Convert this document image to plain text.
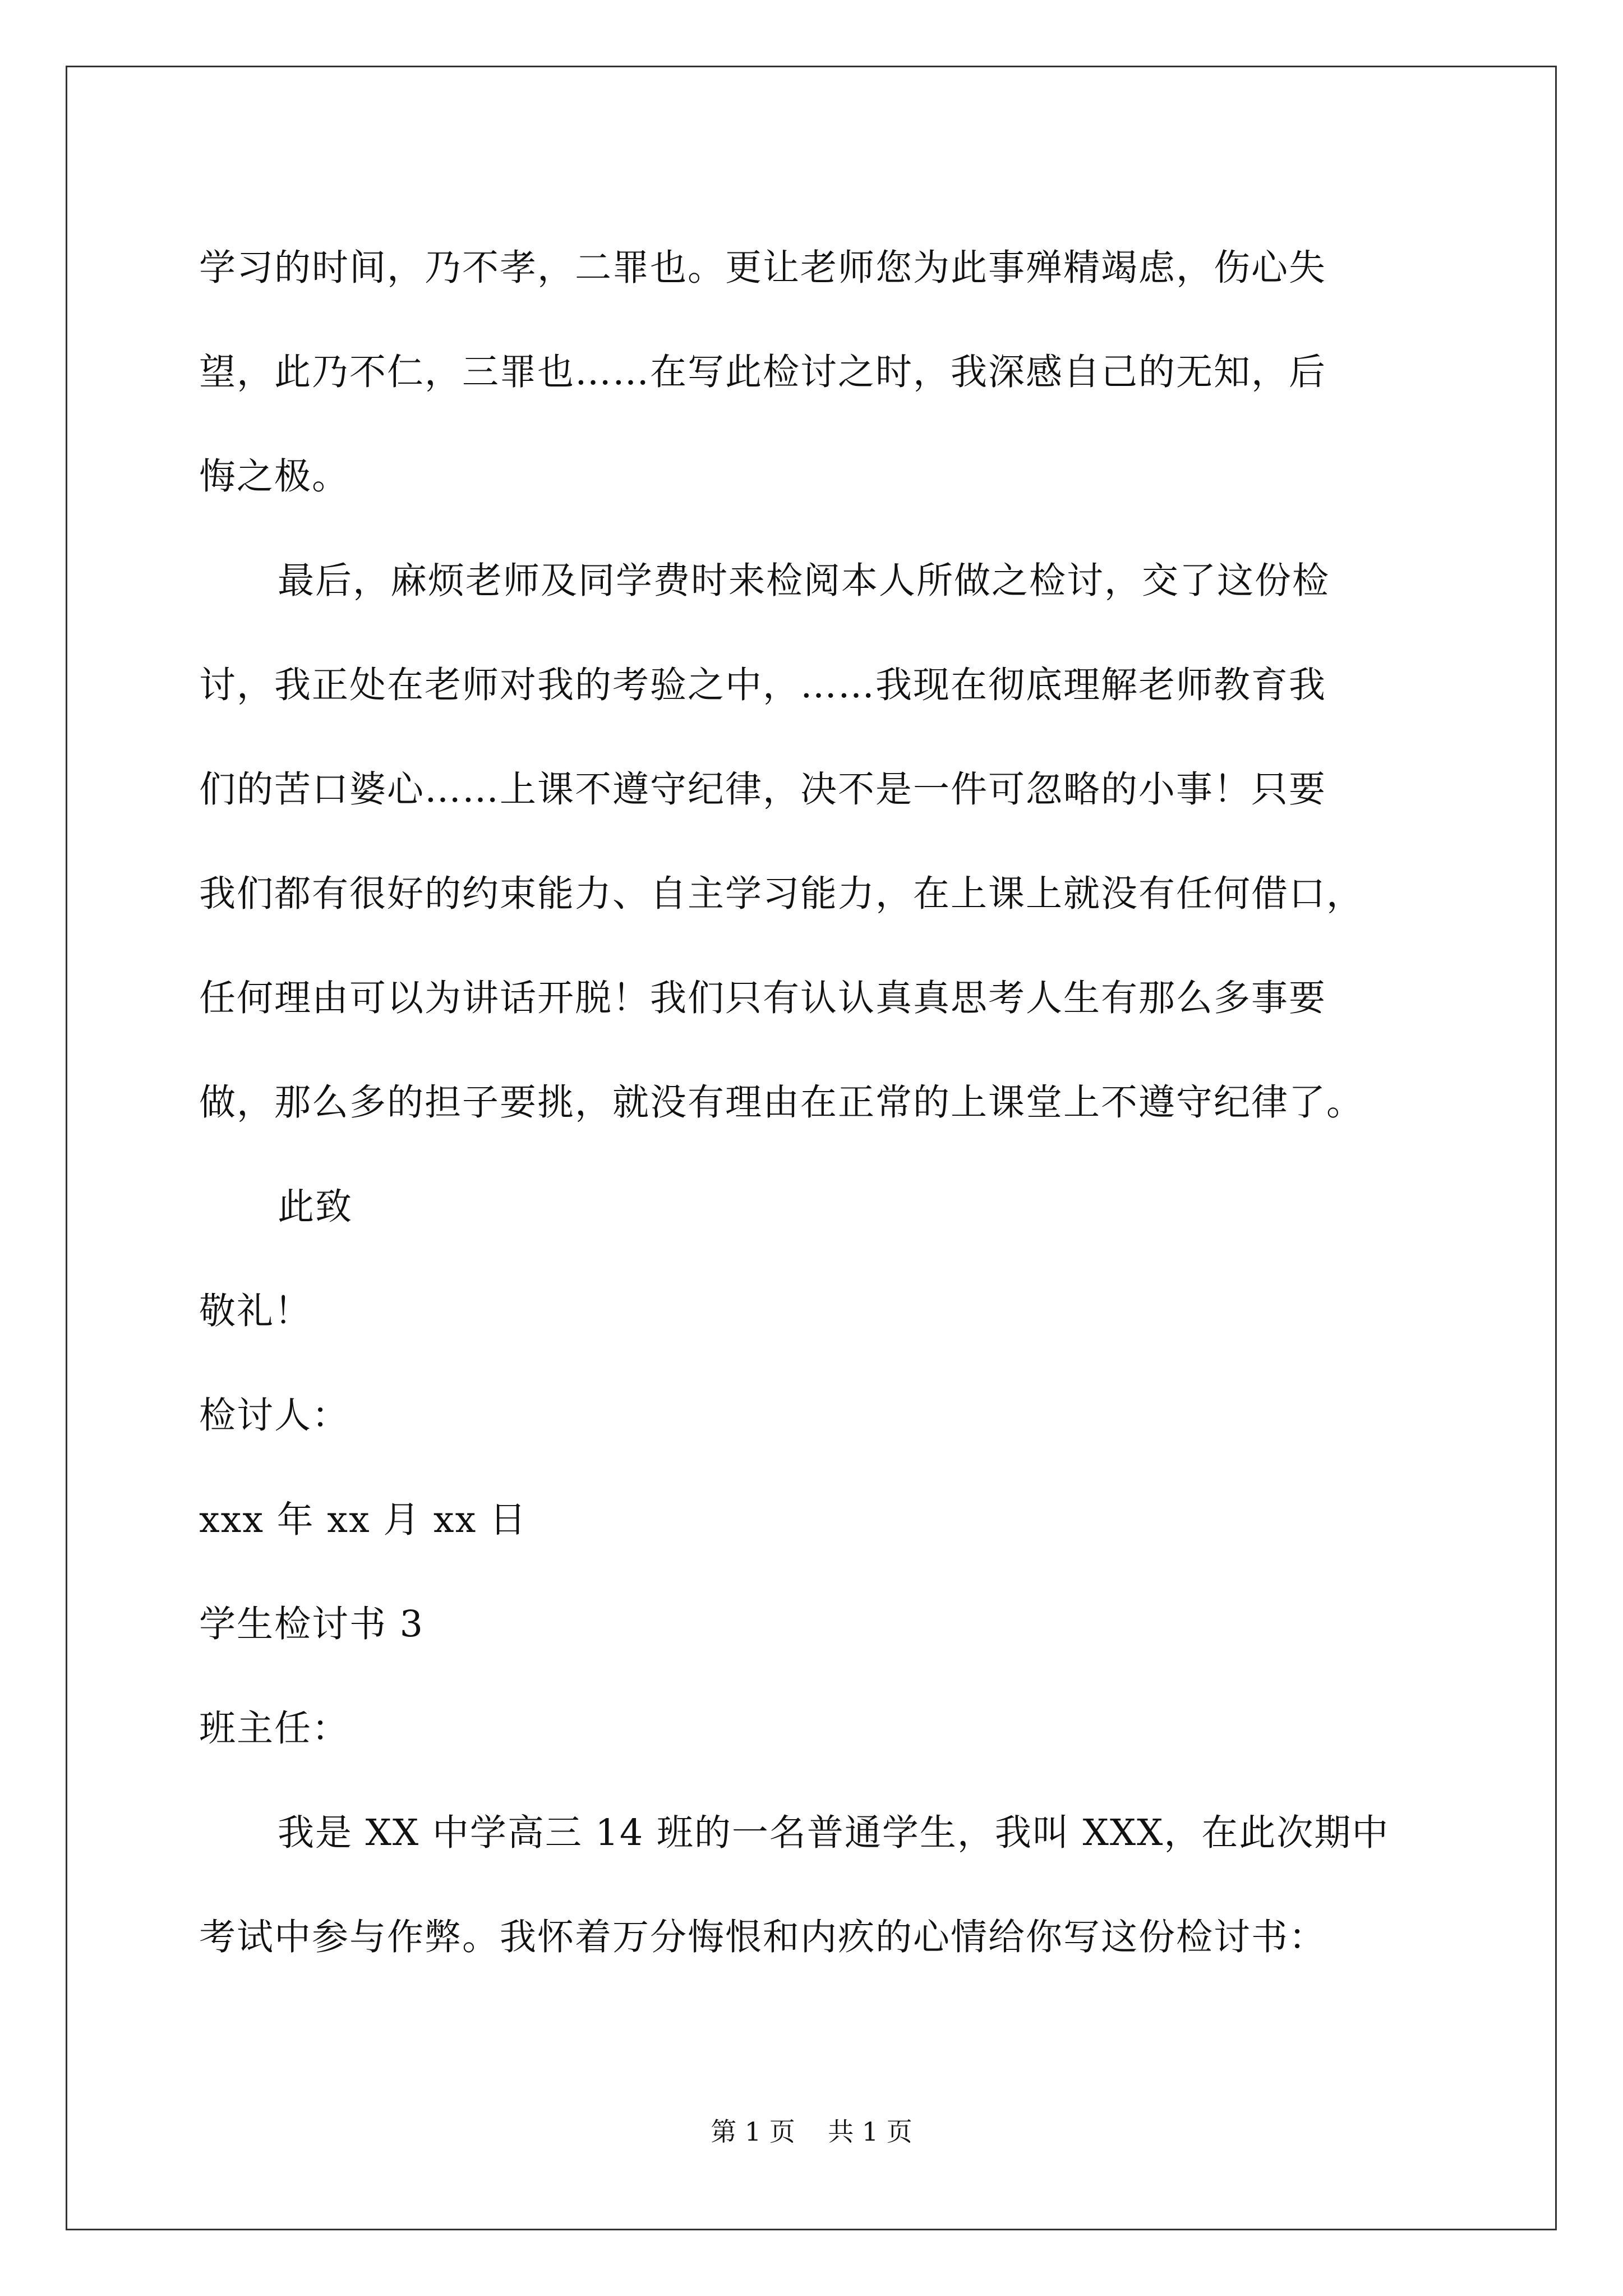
学习的时间，乃不孝，二罪也。更让老师您为此事殚精竭虑，伤心失
望，此乃不仁，三罪也……在写此检讨之时，我深感自己的无知，后
悔之极。
最后，麻烦老师及同学费时来检阅本人所做之检讨，交了这份检
讨，我正处在老师对我的考验之中，……我现在彻底理解老师教育我
们的苦口婆心……上课不遵守纪律，决不是一件可忽略的小事！只要
我们都有很好的约束能力、自主学习能力，在上课上就没有任何借口，
任何理由可以为讲话开脱！我们只有认认真真思考人生有那么多事要
做，那么多的担子要挑，就没有理由在正常的上课堂上不遵守纪律了。
此致
敬礼！
检讨人：
xxx 年 xx 月 xx 日
学生检讨书 3
班主任：
我是 XX 中学高三 14 班的一名普通学生，我叫 XXX，在此次期中
考试中参与作弊。我怀着万分悔恨和内疚的心情给你写这份检讨书：
第 1 页    共 1 页
